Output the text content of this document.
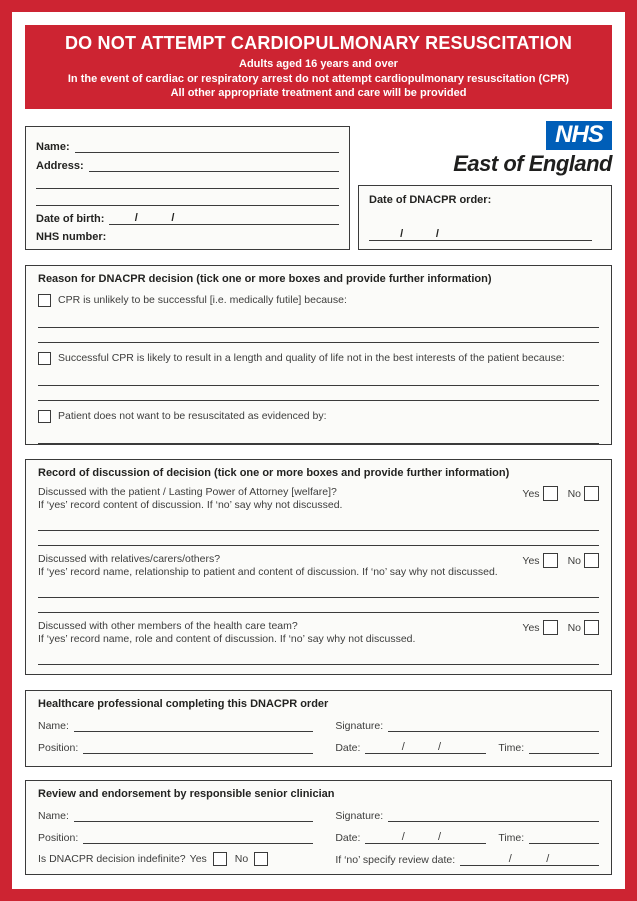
DO NOT ATTEMPT CARDIOPULMONARY RESUSCITATION
Adults aged 16 years and over
In the event of cardiac or respiratory arrest do not attempt cardiopulmonary resuscitation (CPR)
All other appropriate treatment and care will be provided
Name:
Address:
Date of birth:	/	/
NHS number:
NHS
East of England
Date of DNACPR order:
/	/
Reason for DNACPR decision (tick one or more boxes and provide further information)
CPR is unlikely to be successful [i.e. medically futile] because:
Successful CPR is likely to result in a length and quality of life not in the best interests of the patient because:
Patient does not want to be resuscitated as evidenced by:
Record of discussion of decision (tick one or more boxes and provide further information)
Discussed with the patient / Lasting Power of Attorney [welfare]?
If ‘yes’ record content of discussion. If ‘no’ say why not discussed.
Yes	No
Discussed with relatives/carers/others?
If ‘yes’ record name, relationship to patient and content of discussion. If ‘no’ say why not discussed.
Yes	No
Discussed with other members of the health care team?
If ‘yes’ record name, role and content of discussion. If ‘no’ say why not discussed.
Yes	No
Healthcare professional completing this DNACPR order
Name:	Signature:
Position:	Date:	/	/	Time:
Review and endorsement by responsible senior clinician
Name:	Signature:
Position:	Date:	/	/	Time:
Is DNACPR decision indefinite? Yes	No	If ‘no’ specify review date:	/	/
